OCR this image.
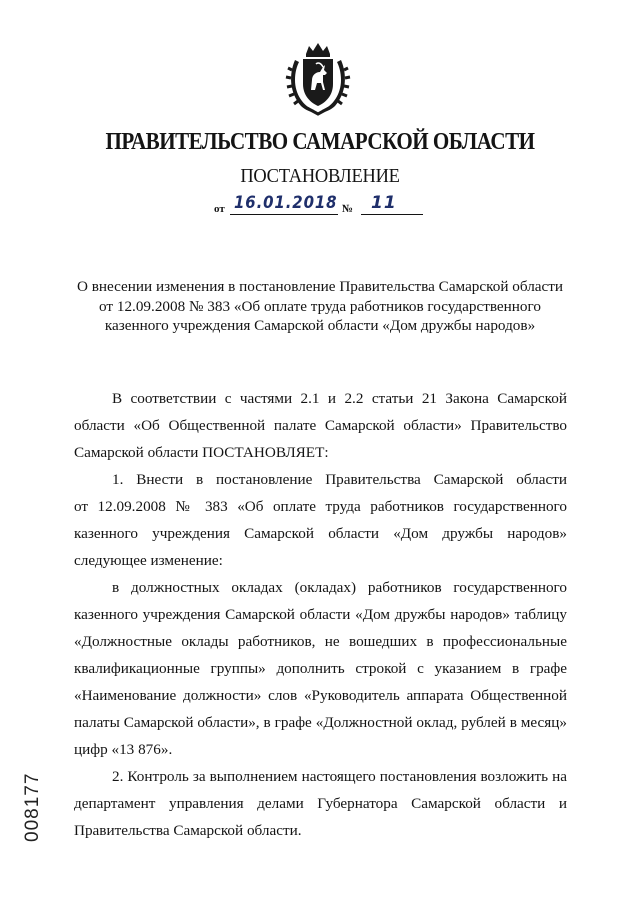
ПРАВИТЕЛЬСТВО САМАРСКОЙ ОБЛАСТИ
ПОСТАНОВЛЕНИЕ
от 16.01.2018 № 11
О внесении изменения в постановление Правительства Самарской области
от 12.09.2008 № 383 «Об оплате труда работников государственного
казенного учреждения Самарской области «Дом дружбы народов»
В соответствии с частями 2.1 и 2.2 статьи 21 Закона Самарской
области «Об Общественной палате Самарской области» Правительство
Самарской области ПОСТАНОВЛЯЕТ:
1. Внести в постановление Правительства Самарской области
от 12.09.2008 № 383 «Об оплате труда работников государственного
казенного учреждения Самарской области «Дом дружбы народов»
следующее изменение:
в должностных окладах (окладах) работников государственного
казенного учреждения Самарской области «Дом дружбы народов» таблицу
«Должностные оклады работников, не вошедших в профессиональные
квалификационные группы» дополнить строкой с указанием в графе
«Наименование должности» слов «Руководитель аппарата Общественной
палаты Самарской области», в графе «Должностной оклад, рублей в месяц»
цифр «13 876».
2. Контроль за выполнением настоящего постановления возложить на
департамент управления делами Губернатора Самарской области и
Правительства Самарской области.
008177
